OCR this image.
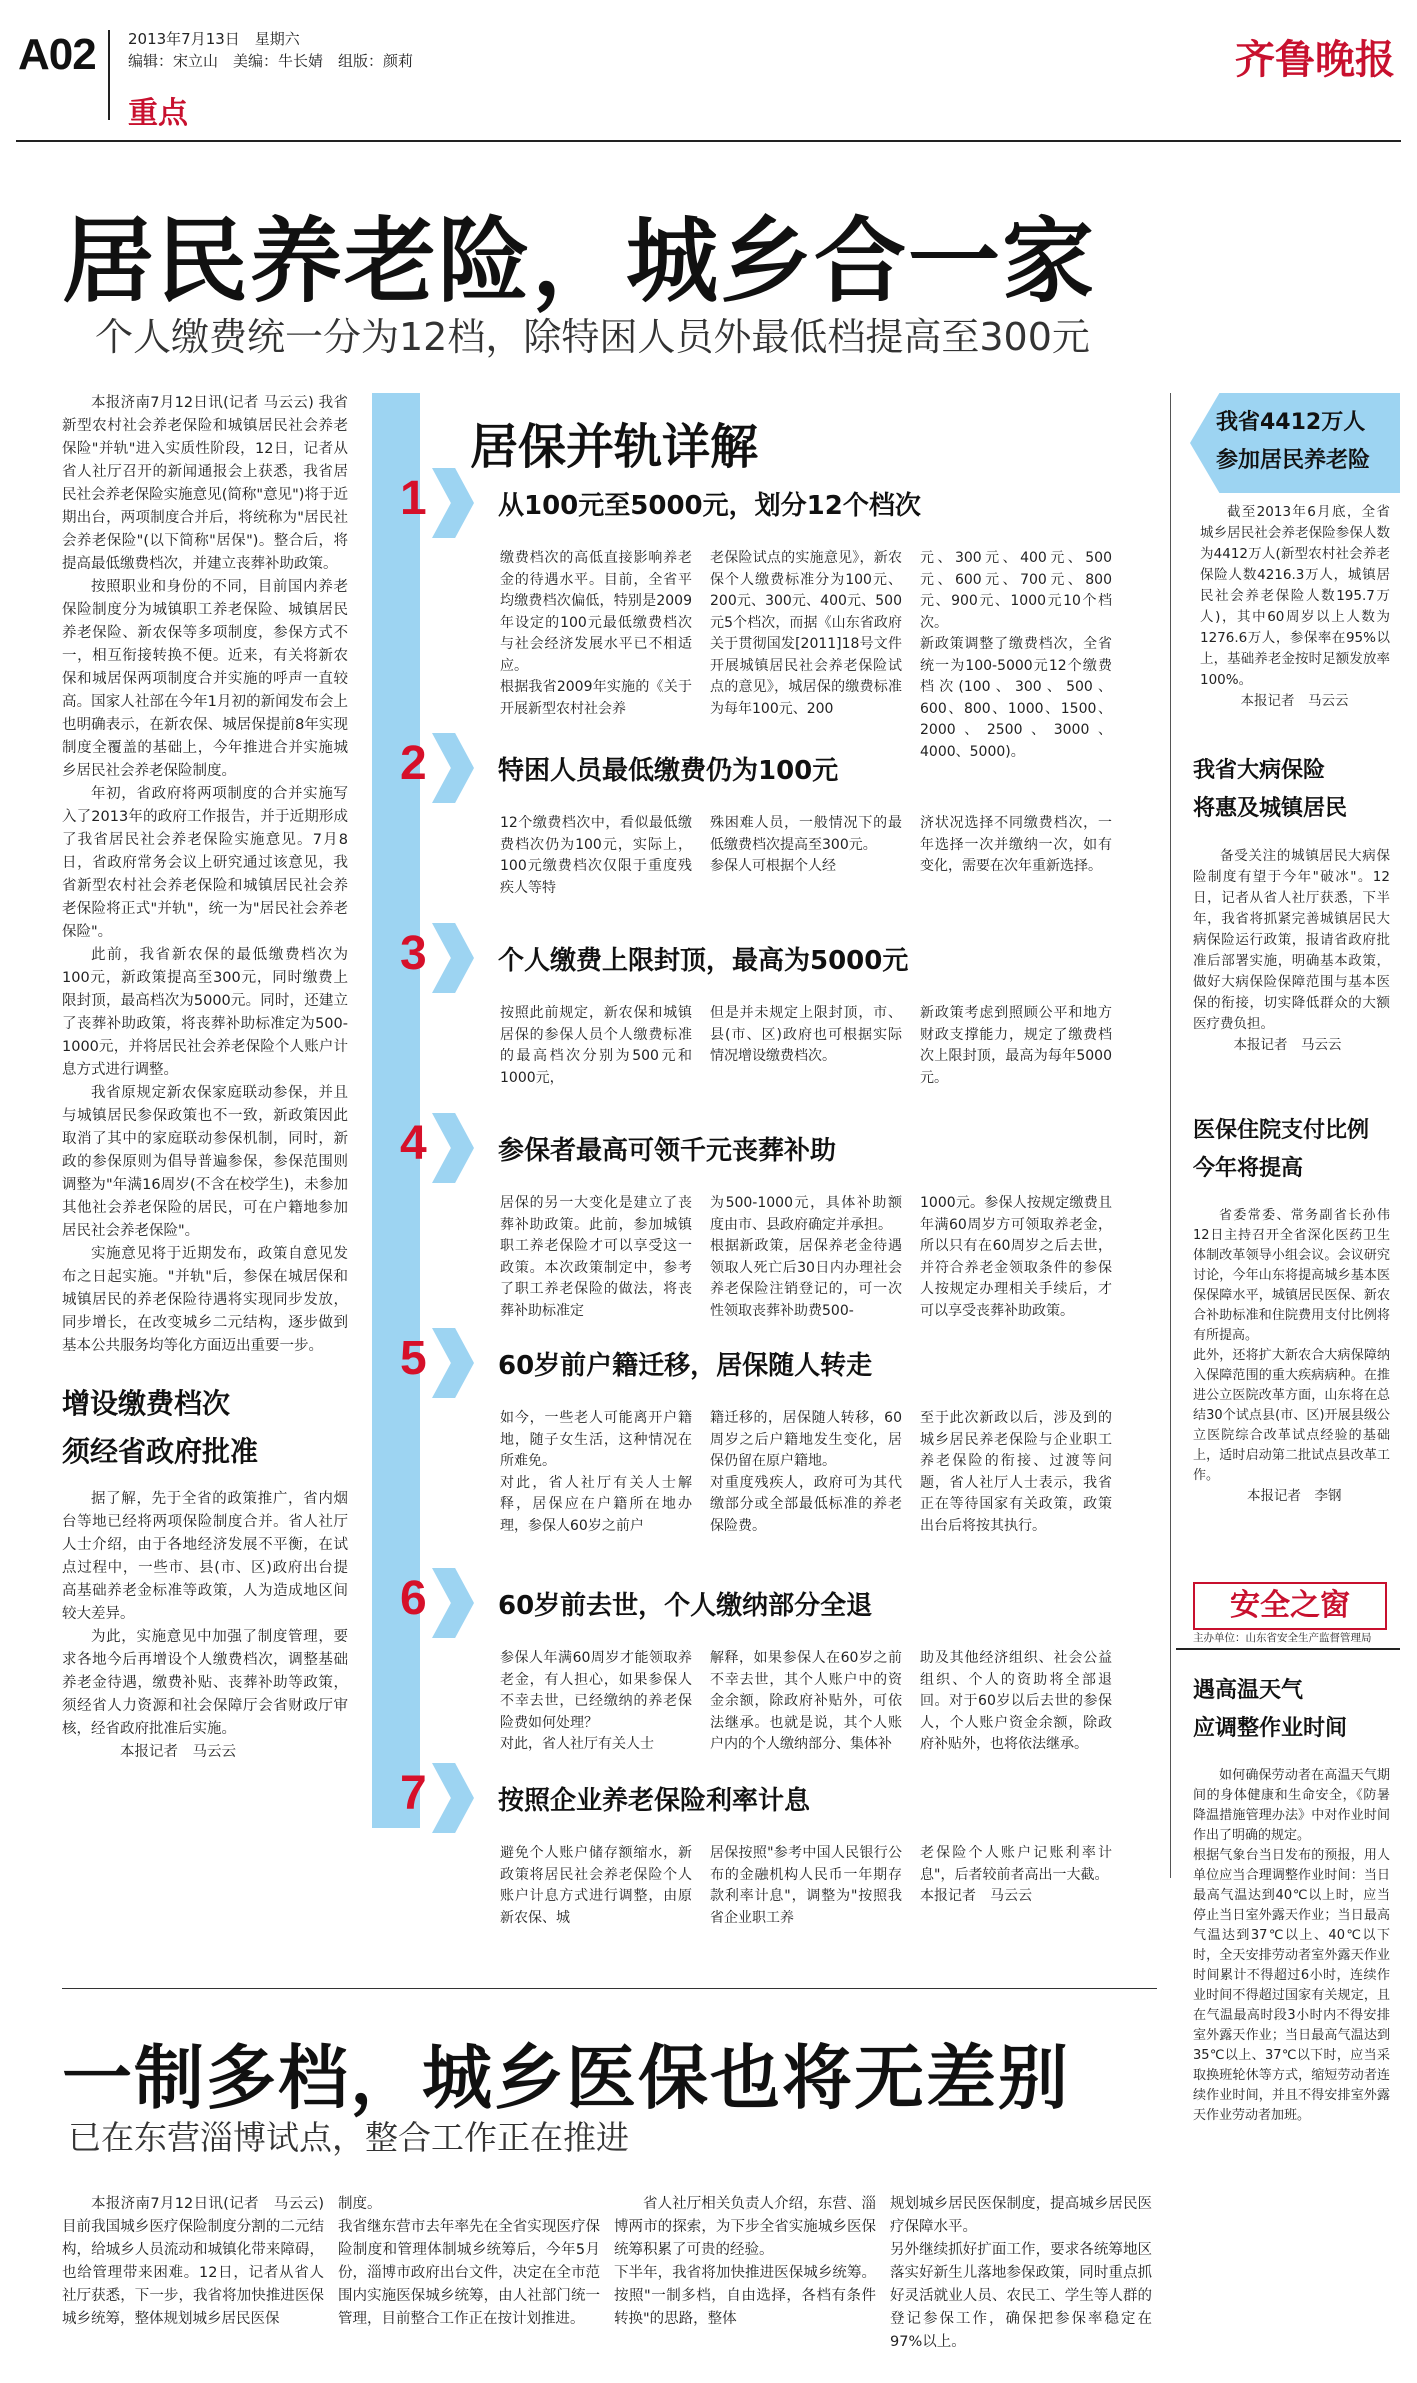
A02 2013年7月13日　星期六
编辑：宋立山　美编：牛长婧　组版：颜莉
重点
齐鲁晚报
居民养老险，城乡合一家
个人缴费统一分为12档，除特困人员外最低档提高至300元
本报济南7月12日讯(记者 马云云) 我省新型农村社会养老保险和城镇居民社会养老保险"并轨"进入实质性阶段，12日，记者从省人社厅召开的新闻通报会上获悉，我省居民社会养老保险实施意见(简称"意见")将于近期出台，两项制度合并后，将统称为"居民社会养老保险"(以下简称"居保")。整合后，将提高最低缴费档次，并建立丧葬补助政策。
按照职业和身份的不同，目前国内养老保险制度分为城镇职工养老保险、城镇居民养老保险、新农保等多项制度，参保方式不一，相互衔接转换不便。近来，有关将新农保和城居保两项制度合并实施的呼声一直较高。国家人社部在今年1月初的新闻发布会上也明确表示，在新农保、城居保提前8年实现制度全覆盖的基础上，今年推进合并实施城乡居民社会养老保险制度。
年初，省政府将两项制度的合并实施写入了2013年的政府工作报告，并于近期形成了我省居民社会养老保险实施意见。7月8日，省政府常务会议上研究通过该意见，我省新型农村社会养老保险和城镇居民社会养老保险将正式"并轨"，统一为"居民社会养老保险"。
此前，我省新农保的最低缴费档次为100元，新政策提高至300元，同时缴费上限封顶，最高档次为5000元。同时，还建立了丧葬补助政策，将丧葬补助标准定为500-1000元，并将居民社会养老保险个人账户计息方式进行调整。
我省原规定新农保家庭联动参保，并且与城镇居民参保政策也不一致，新政策因此取消了其中的家庭联动参保机制，同时，新政的参保原则为倡导普遍参保，参保范围则调整为"年满16周岁(不含在校学生)，未参加其他社会养老保险的居民，可在户籍地参加居民社会养老保险"。
实施意见将于近期发布，政策自意见发布之日起实施。"并轨"后，参保在城居保和城镇居民的养老保险待遇将实现同步发放，同步增长，在改变城乡二元结构，逐步做到基本公共服务均等化方面迈出重要一步。
增设缴费档次
须经省政府批准
据了解，先于全省的政策推广，省内烟台等地已经将两项保险制度合并。省人社厅人士介绍，由于各地经济发展不平衡，在试点过程中，一些市、县(市、区)政府出台提高基础养老金标准等政策，人为造成地区间较大差异。
为此，实施意见中加强了制度管理，要求各地今后再增设个人缴费档次，调整基础养老金待遇，缴费补贴、丧葬补助等政策，须经省人力资源和社会保障厅会省财政厅审核，经省政府批准后实施。
本报记者　马云云
居保并轨详解
1	从100元至5000元，划分12个档次
缴费档次的高低直接影响养老金的待遇水平。目前，全省平均缴费档次偏低，特别是2009年设定的100元最低缴费档次与社会经济发展水平已不相适应。
根据我省2009年实施的《关于开展新型农村社会养
老保险试点的实施意见》，新农保个人缴费标准分为100元、200元、300元、400元、500元5个档次，而据《山东省政府关于贯彻国发[2011]18号文件开展城镇居民社会养老保险试点的意见》，城居保的缴费标准为每年100元、200
元、300元、400元、500元、600元、700元、800元、900元、1000元10个档次。
新政策调整了缴费档次，全省统一为100-5000元12个缴费档次(100、300、500、600、800、1000、1500、2000、2500、3000、4000、5000)。
2	特困人员最低缴费仍为100元
12个缴费档次中，看似最低缴费档次仍为100元，实际上，100元缴费档次仅限于重度残疾人等特
殊困难人员，一般情况下的最低缴费档次提高至300元。
参保人可根据个人经
济状况选择不同缴费档次，一年选择一次并缴纳一次，如有变化，需要在次年重新选择。
3	个人缴费上限封顶，最高为5000元
按照此前规定，新农保和城镇居保的参保人员个人缴费标准的最高档次分别为500元和1000元，
但是并未规定上限封顶，市、县(市、区)政府也可根据实际情况增设缴费档次。
新政策考虑到照顾公平和地方财政支撑能力，规定了缴费档次上限封顶，最高为每年5000元。
4	参保者最高可领千元丧葬补助
居保的另一大变化是建立了丧葬补助政策。此前，参加城镇职工养老保险才可以享受这一政策。本次政策制定中，参考了职工养老保险的做法，将丧葬补助标准定
为500-1000元，具体补助额度由市、县政府确定并承担。
根据新政策，居保养老金待遇领取人死亡后30日内办理社会养老保险注销登记的，可一次性领取丧葬补助费500-
1000元。参保人按规定缴费且年满60周岁方可领取养老金，所以只有在60周岁之后去世，并符合养老金领取条件的参保人按规定办理相关手续后，才可以享受丧葬补助政策。
5	60岁前户籍迁移，居保随人转走
如今，一些老人可能离开户籍地，随子女生活，这种情况在所难免。
对此，省人社厅有关人士解释，居保应在户籍所在地办理，参保人60岁之前户
籍迁移的，居保随人转移，60周岁之后户籍地发生变化，居保仍留在原户籍地。
对重度残疾人，政府可为其代缴部分或全部最低标准的养老保险费。
至于此次新政以后，涉及到的城乡居民养老保险与企业职工养老保险的衔接、过渡等问题，省人社厅人士表示，我省正在等待国家有关政策，政策出台后将按其执行。
6	60岁前去世，个人缴纳部分全退
参保人年满60周岁才能领取养老金，有人担心，如果参保人不幸去世，已经缴纳的养老保险费如何处理？
对此，省人社厅有关人士
解释，如果参保人在60岁之前不幸去世，其个人账户中的资金余额，除政府补贴外，可依法继承。也就是说，其个人账户内的个人缴纳部分、集体补
助及其他经济组织、社会公益组织、个人的资助将全部退回。对于60岁以后去世的参保人，个人账户资金余额，除政府补贴外，也将依法继承。
7	按照企业养老保险利率计息
避免个人账户储存额缩水，新政策将居民社会养老保险个人账户计息方式进行调整，由原新农保、城
居保按照"参考中国人民银行公布的金融机构人民币一年期存款利率计息"，调整为"按照我省企业职工养
老保险个人账户记账利率计息"，后者较前者高出一大截。
本报记者　马云云
我省4412万人
参加居民养老险
截至2013年6月底，全省城乡居民社会养老保险参保人数为4412万人(新型农村社会养老保险人数4216.3万人，城镇居民社会养老保险人数195.7万人)，其中60周岁以上人数为1276.6万人，参保率在95%以上，基础养老金按时足额发放率100%。
本报记者　马云云
我省大病保险
将惠及城镇居民
备受关注的城镇居民大病保险制度有望于今年"破冰"。12日，记者从省人社厅获悉，下半年，我省将抓紧完善城镇居民大病保险运行政策，报请省政府批准后部署实施，明确基本政策，做好大病保险保障范围与基本医保的衔接，切实降低群众的大额医疗费负担。
本报记者　马云云
医保住院支付比例
今年将提高
省委常委、常务副省长孙伟12日主持召开全省深化医药卫生体制改革领导小组会议。会议研究讨论，今年山东将提高城乡基本医保保障水平，城镇居民医保、新农合补助标准和住院费用支付比例将有所提高。
此外，还将扩大新农合大病保障纳入保障范围的重大疾病病种。在推进公立医院改革方面，山东将在总结30个试点县(市、区)开展县级公立医院综合改革试点经验的基础上，适时启动第二批试点县改革工作。
本报记者　李钢
安全之窗
主办单位：山东省安全生产监督管理局
遇高温天气
应调整作业时间
如何确保劳动者在高温天气期间的身体健康和生命安全，《防暑降温措施管理办法》中对作业时间作出了明确的规定。
根据气象台当日发布的预报，用人单位应当合理调整作业时间：当日最高气温达到40℃以上时，应当停止当日室外露天作业；当日最高气温达到37℃以上、40℃以下时，全天安排劳动者室外露天作业时间累计不得超过6小时，连续作业时间不得超过国家有关规定，且在气温最高时段3小时内不得安排室外露天作业；当日最高气温达到35℃以上、37℃以下时，应当采取换班轮休等方式，缩短劳动者连续作业时间，并且不得安排室外露天作业劳动者加班。
一制多档，城乡医保也将无差别
已在东营淄博试点，整合工作正在推进
本报济南7月12日讯(记者　马云云) 目前我国城乡医疗保险制度分割的二元结构，给城乡人员流动和城镇化带来障碍，也给管理带来困难。12日，记者从省人社厅获悉，下一步，我省将加快推进医保城乡统筹，整体规划城乡居民医保
制度。
我省继东营市去年率先在全省实现医疗保险制度和管理体制城乡统筹后，今年5月份，淄博市政府出台文件，决定在全市范围内实施医保城乡统筹，由人社部门统一管理，目前整合工作正在按计划推进。
省人社厅相关负责人介绍，东营、淄博两市的探索，为下步全省实施城乡医保统筹积累了可贵的经验。
下半年，我省将加快推进医保城乡统筹。按照"一制多档，自由选择，各档有条件转换"的思路，整体
规划城乡居民医保制度，提高城乡居民医疗保障水平。
另外继续抓好扩面工作，要求各统筹地区落实好新生儿落地参保政策，同时重点抓好灵活就业人员、农民工、学生等人群的登记参保工作，确保把参保率稳定在97%以上。
